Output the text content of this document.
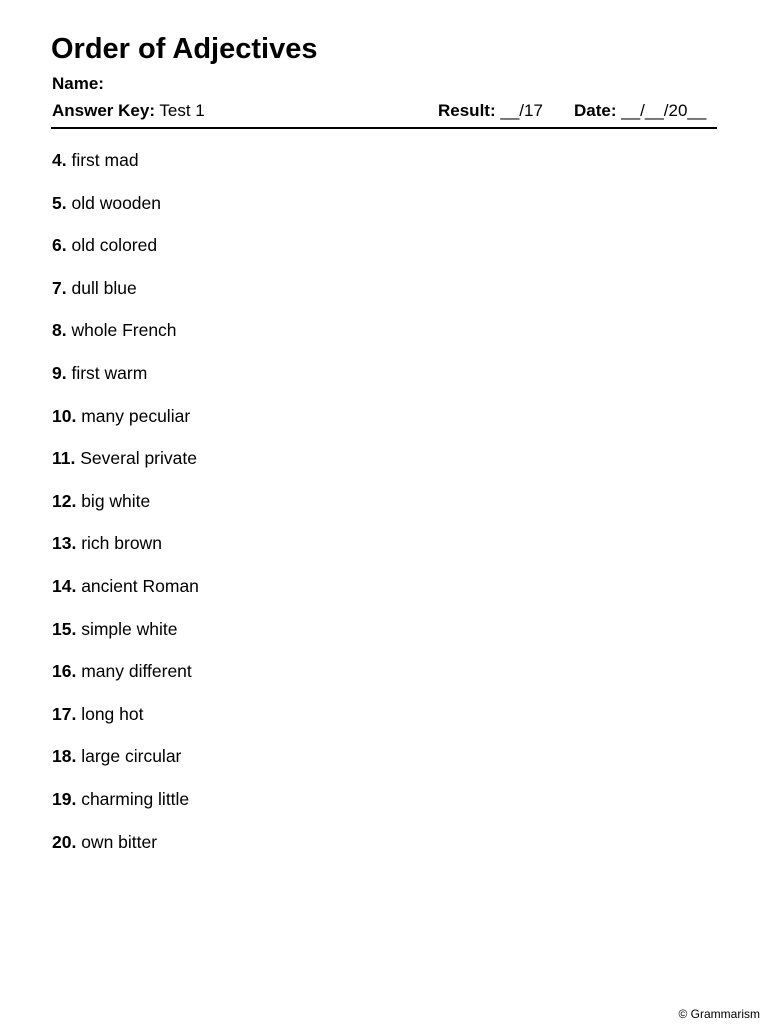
Order of Adjectives
Name:
Answer Key: Test 1	Result: __/17 Date: __/__/20__
4. first mad
5. old wooden
6. old colored
7. dull blue
8. whole French
9. first warm
10. many peculiar
11. Several private
12. big white
13. rich brown
14. ancient Roman
15. simple white
16. many different
17. long hot
18. large circular
19. charming little
20. own bitter
© Grammarism
